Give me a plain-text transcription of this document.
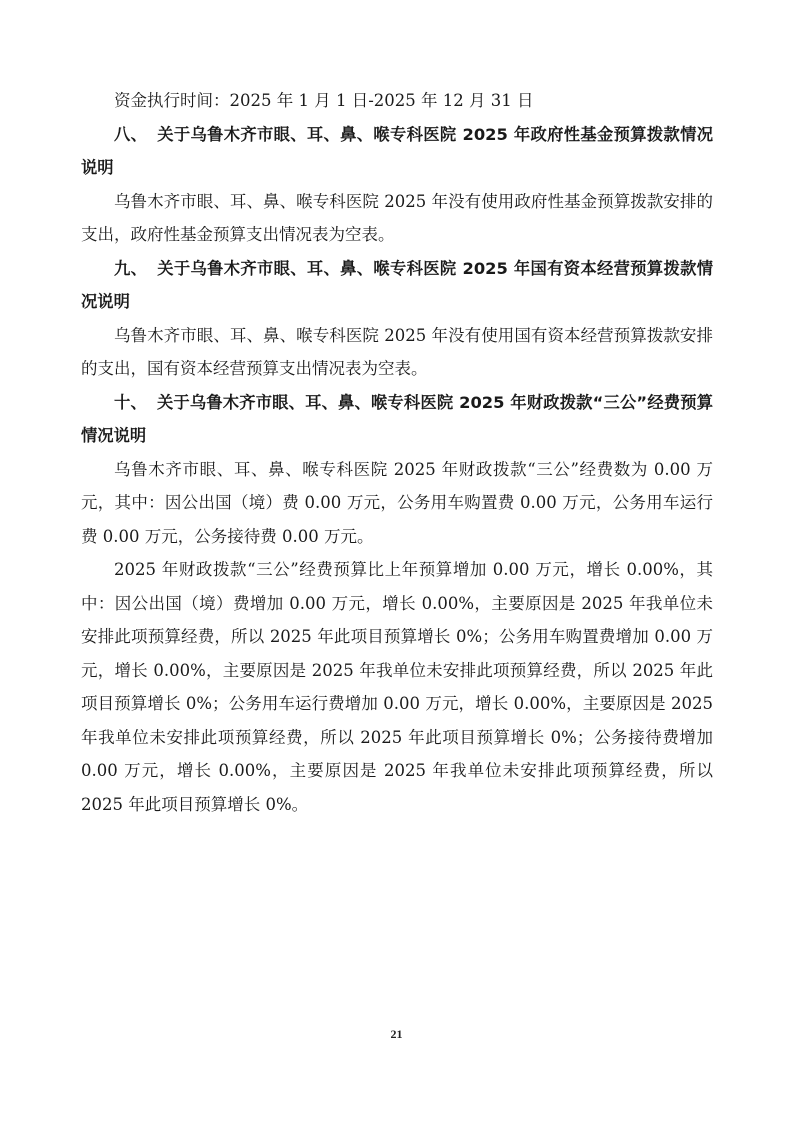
资金执行时间：2025 年 1 月 1 日-2025 年 12 月 31 日

八、 关于乌鲁木齐市眼、耳、鼻、喉专科医院 2025 年政府性基金预算拨款情况说明

乌鲁木齐市眼、耳、鼻、喉专科医院 2025 年没有使用政府性基金预算拨款安排的支出，政府性基金预算支出情况表为空表。

九、 关于乌鲁木齐市眼、耳、鼻、喉专科医院 2025 年国有资本经营预算拨款情况说明

乌鲁木齐市眼、耳、鼻、喉专科医院 2025 年没有使用国有资本经营预算拨款安排的支出，国有资本经营预算支出情况表为空表。

十、 关于乌鲁木齐市眼、耳、鼻、喉专科医院 2025 年财政拨款“三公”经费预算情况说明

乌鲁木齐市眼、耳、鼻、喉专科医院 2025 年财政拨款“三公”经费数为 0.00 万元，其中：因公出国（境）费 0.00 万元，公务用车购置费 0.00 万元，公务用车运行费 0.00 万元，公务接待费 0.00 万元。

2025 年财政拨款“三公”经费预算比上年预算增加 0.00 万元，增长 0.00%，其中：因公出国（境）费增加 0.00 万元，增长 0.00%，主要原因是 2025 年我单位未安排此项预算经费，所以 2025 年此项目预算增长 0%；公务用车购置费增加 0.00 万元，增长 0.00%，主要原因是 2025 年我单位未安排此项预算经费，所以 2025 年此项目预算增长 0%；公务用车运行费增加 0.00 万元，增长 0.00%，主要原因是 2025 年我单位未安排此项预算经费，所以 2025 年此项目预算增长 0%；公务接待费增加 0.00 万元，增长 0.00%，主要原因是 2025 年我单位未安排此项预算经费，所以 2025 年此项目预算增长 0%。

21
